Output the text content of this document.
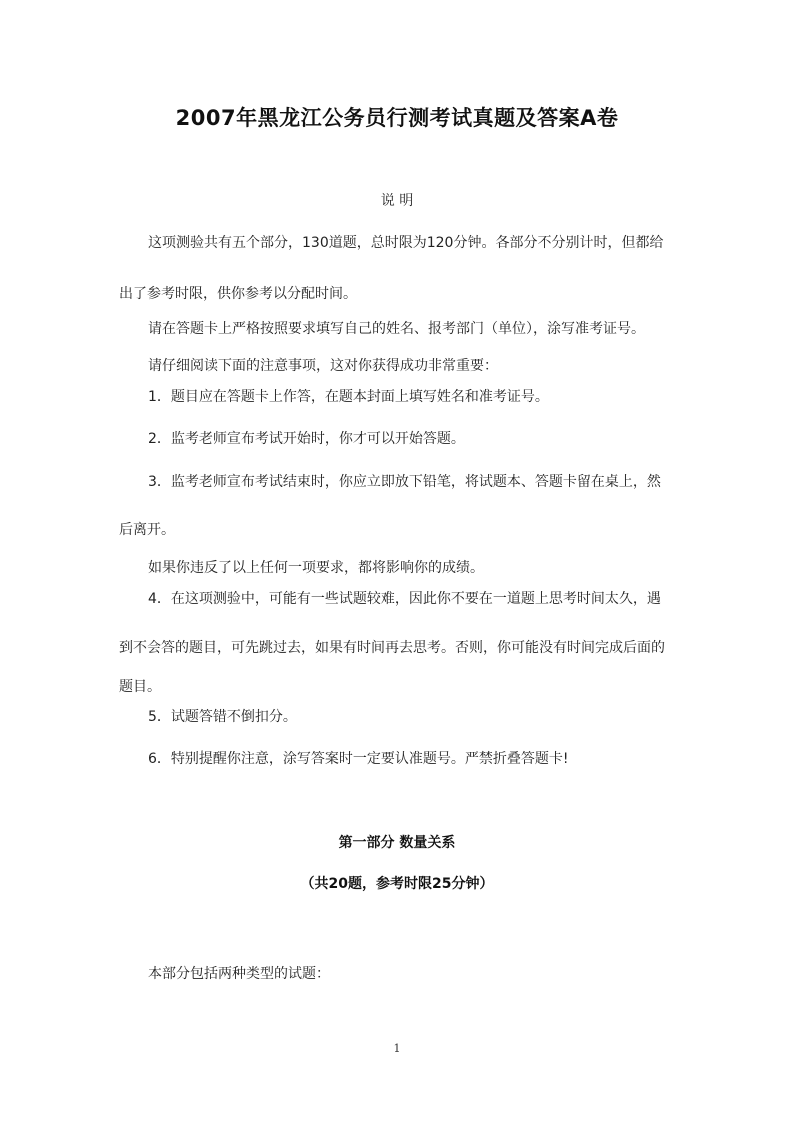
2007年黑龙江公务员行测考试真题及答案A卷
说 明
这项测验共有五个部分，130道题，总时限为120分钟。各部分不分别计时，但都给
出了参考时限，供你参考以分配时间。
请在答题卡上严格按照要求填写自己的姓名、报考部门（单位），涂写准考证号。
请仔细阅读下面的注意事项，这对你获得成功非常重要：
1．题目应在答题卡上作答，在题本封面上填写姓名和准考证号。
2．监考老师宣布考试开始时，你才可以开始答题。
3．监考老师宣布考试结束时，你应立即放下铅笔，将试题本、答题卡留在桌上，然
后离开。
如果你违反了以上任何一项要求，都将影响你的成绩。
4．在这项测验中，可能有一些试题较难，因此你不要在一道题上思考时间太久，遇
到不会答的题目，可先跳过去，如果有时间再去思考。否则，你可能没有时间完成后面的
题目。
5．试题答错不倒扣分。
6．特别提醒你注意，涂写答案时一定要认准题号。严禁折叠答题卡!
第一部分 数量关系
（共20题，参考时限25分钟）
本部分包括两种类型的试题：
1
